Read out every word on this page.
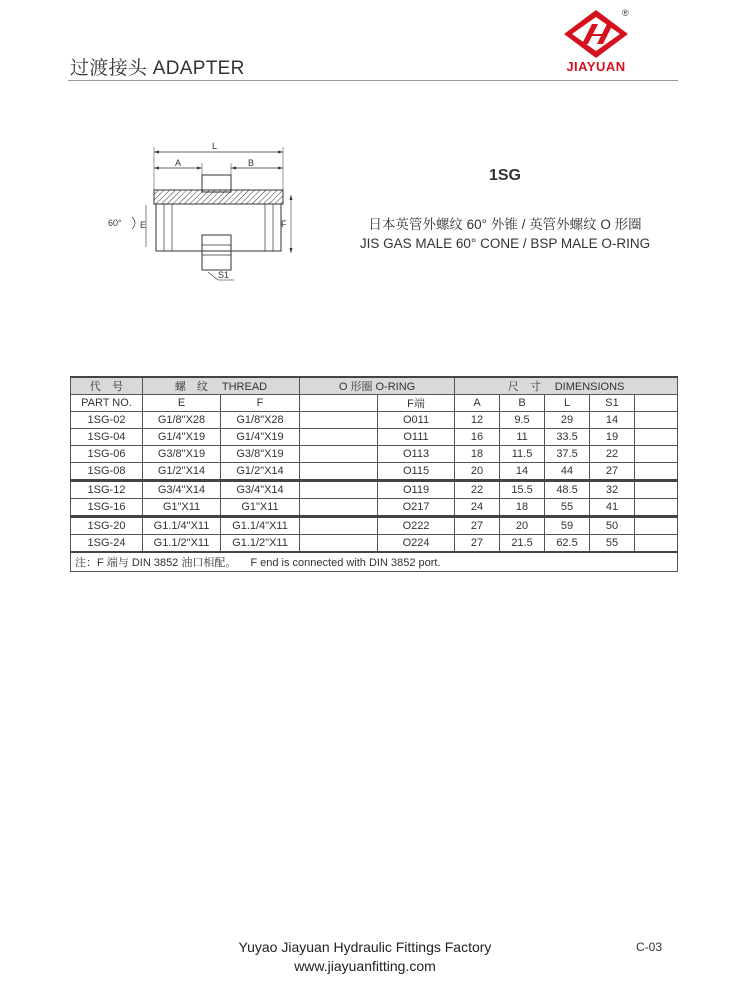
过渡接头 ADAPTER
®
JIAYUAN
L
A	B
60° E	F
S1
1SG
日本英管外螺纹 60° 外锥 / 英管外螺纹 O 形圈
JIS GAS MALE 60° CONE / BSP MALE O-RING
代　号	螺　纹 THREAD		O 形圈 O-RING		尺　寸 DIMENSIONS				
PART NO.	E	F		F端	A	B	L	S1	
1SG-02	G1/8"X28	G1/8"X28		O011	12	9.5	29	14	
1SG-04	G1/4"X19	G1/4"X19		O111	16	11	33.5	19	
1SG-06	G3/8"X19	G3/8"X19		O113	18	11.5	37.5	22	
1SG-08	G1/2"X14	G1/2"X14		O115	20	14	44	27	
1SG-12	G3/4"X14	G3/4"X14		O119	22	15.5	48.5	32	
1SG-16	G1"X11	G1"X11		O217	24	18	55	41	
1SG-20	G1.1/4"X11	G1.1/4"X11		O222	27	20	59	50	
1SG-24	G1.1/2"X11	G1.1/2"X11		O224	27	21.5	62.5	55	
注：F 端与 DIN 3852 油口相配。 F end is connected with DIN 3852 port.									
Yuyao Jiayuan Hydraulic Fittings Factory
www.jiayuanfitting.com
C-03
